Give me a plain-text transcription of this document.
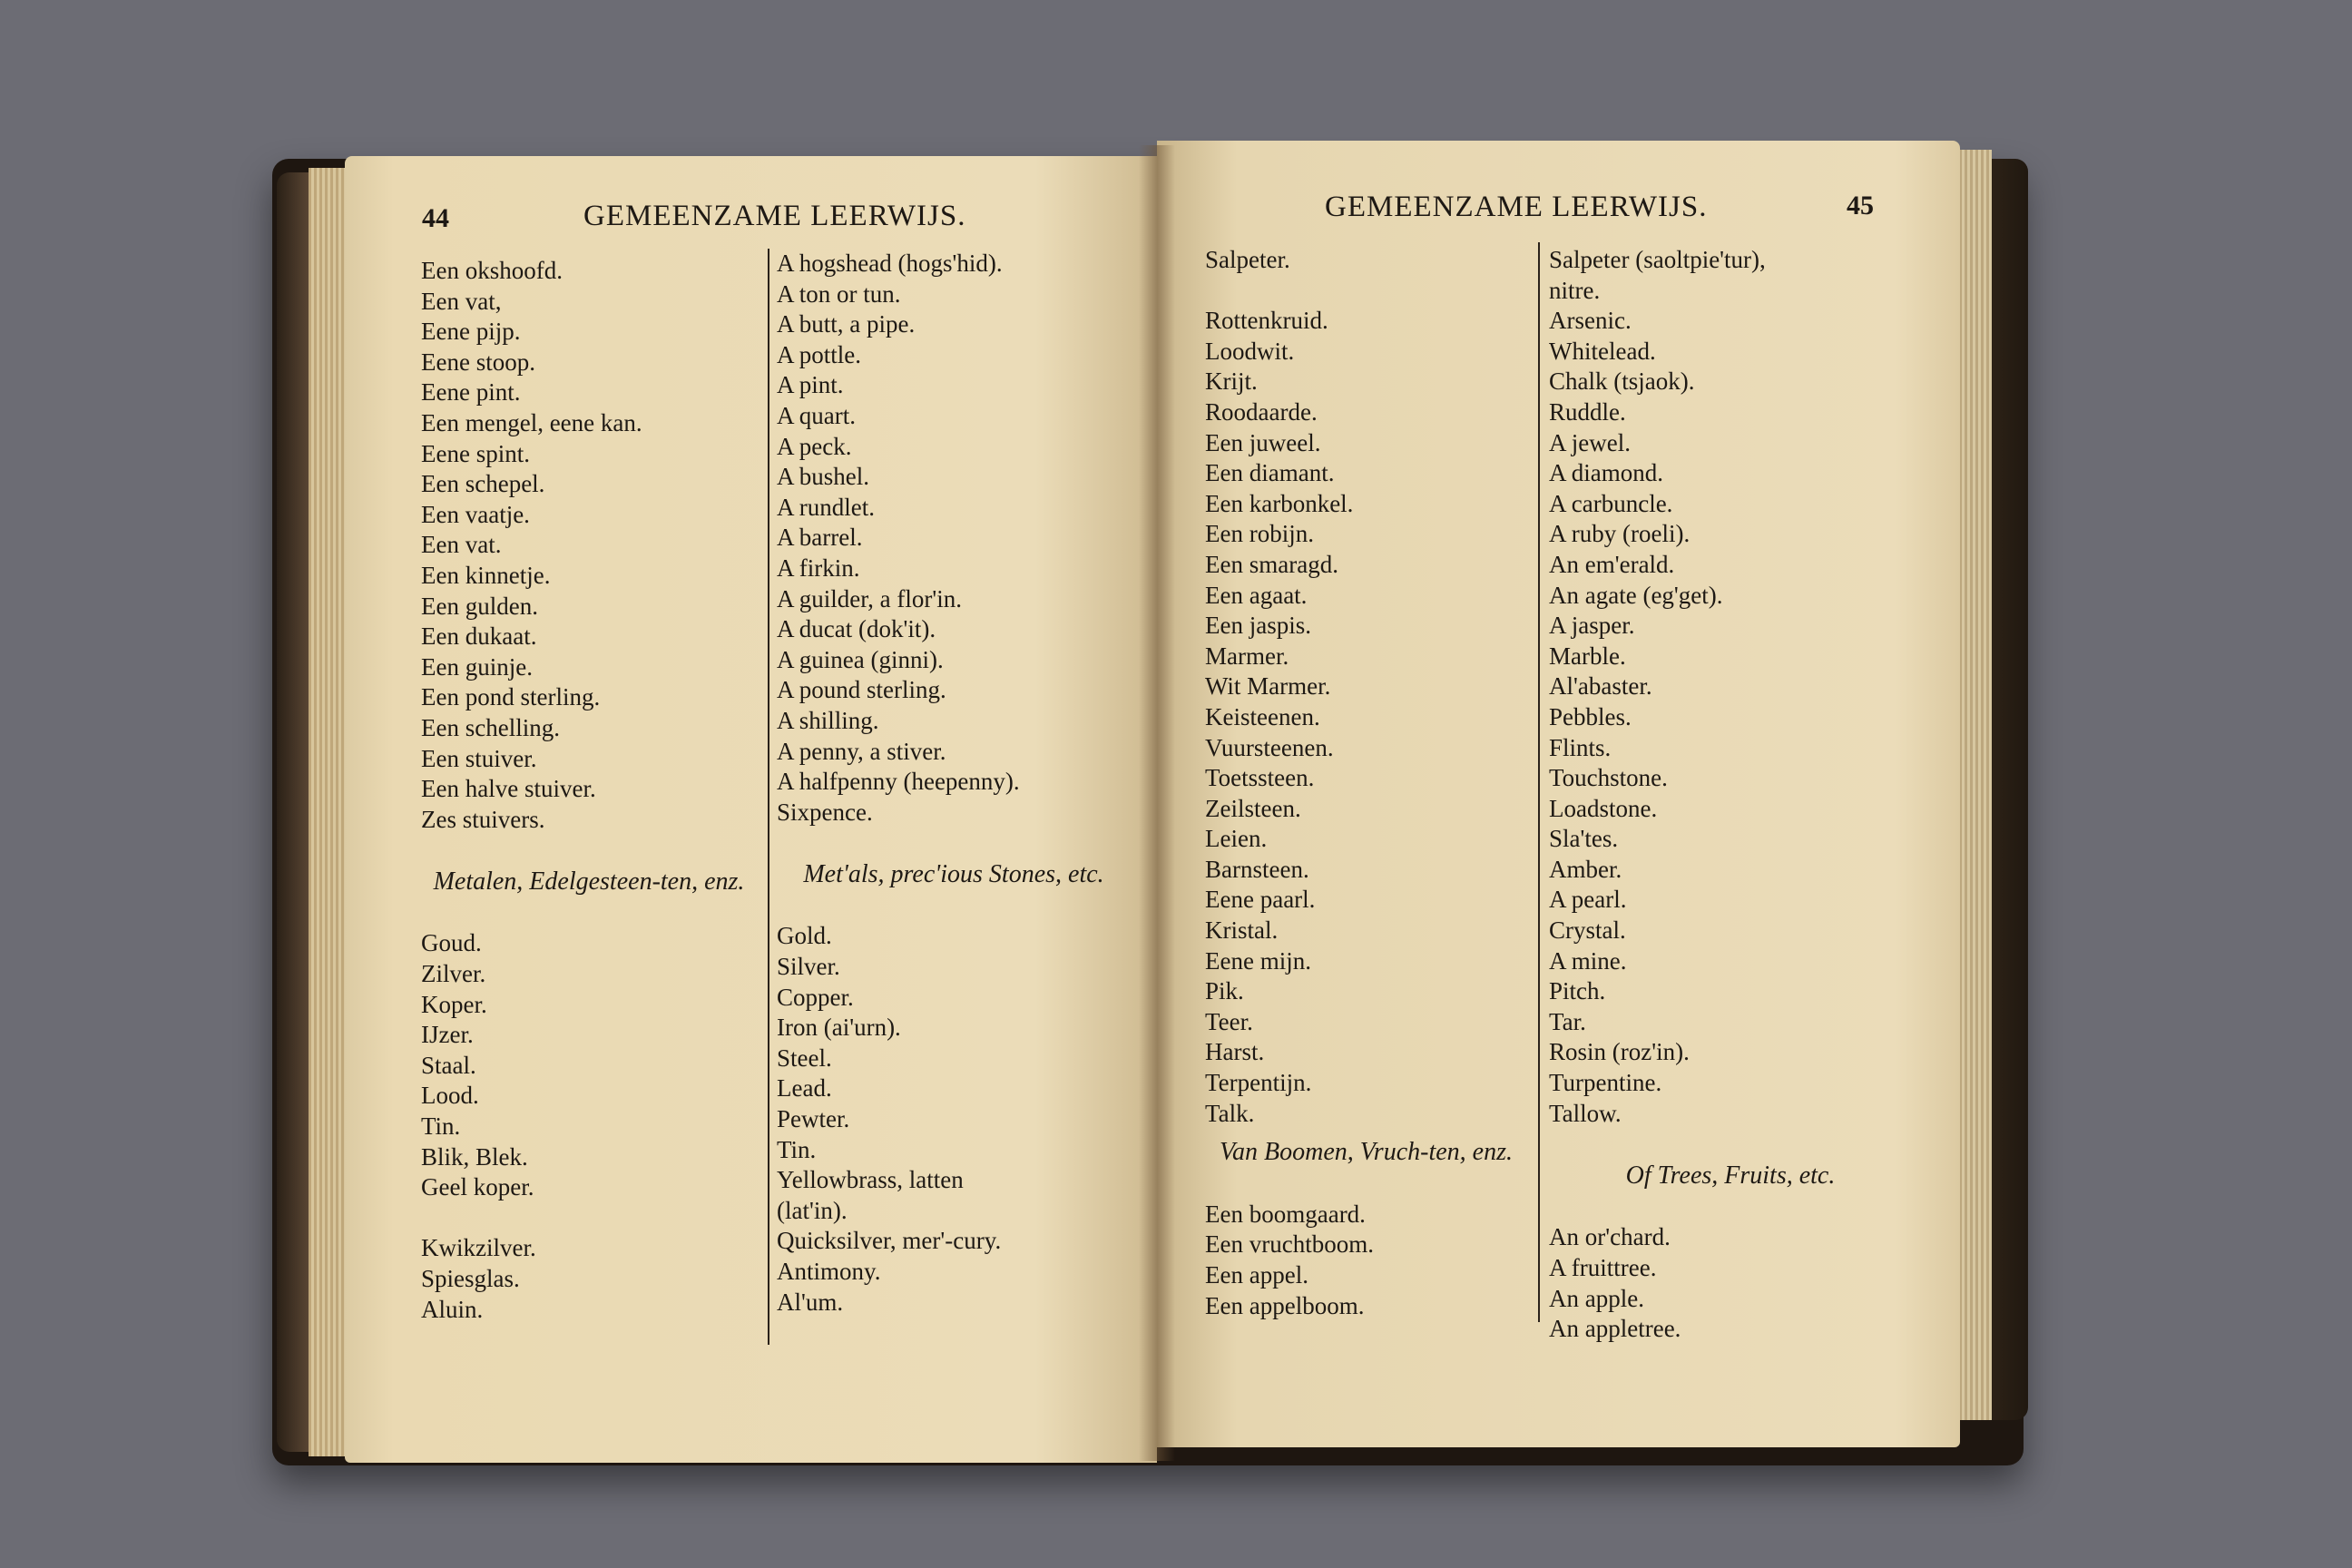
44	GEMEENZAME LEERWIJS.
Een okshoofd.
Een vat,
Eene pijp.
Eene stoop.
Eene pint.
Een mengel, eene kan.
Eene spint.
Een schepel.
Een vaatje.
Een vat.
Een kinnetje.
Een gulden.
Een dukaat.
Een guinje.
Een pond sterling.
Een schelling.
Een stuiver.
Een halve stuiver.
Zes stuivers.
Metalen, Edelgesteen-ten, enz.
Goud.
Zilver.
Koper.
IJzer.
Staal.
Lood.
Tin.
Blik, Blek.
Geel koper.
Kwikzilver.
Spiesglas.
Aluin.
A hogshead (hogs'hid).
A ton or tun.
A butt, a pipe.
A pottle.
A pint.
A quart.
A peck.
A bushel.
A rundlet.
A barrel.
A firkin.
A guilder, a flor'in.
A ducat (dok'it).
A guinea (ginni).
A pound sterling.
A shilling.
A penny, a stiver.
A halfpenny (heepenny).
Sixpence.
Met'als, prec'ious Stones, etc.
Gold.
Silver.
Copper.
Iron (ai'urn).
Steel.
Lead.
Pewter.
Tin.
Yellowbrass, latten
(lat'in).
Quicksilver, mer'-cury.
Antimony.
Al'um.
GEMEENZAME LEERWIJS.	45
Salpeter.
Rottenkruid.
Loodwit.
Krijt.
Roodaarde.
Een juweel.
Een diamant.
Een karbonkel.
Een robijn.
Een smaragd.
Een agaat.
Een jaspis.
Marmer.
Wit Marmer.
Keisteenen.
Vuursteenen.
Toetssteen.
Zeilsteen.
Leien.
Barnsteen.
Eene paarl.
Kristal.
Eene mijn.
Pik.
Teer.
Harst.
Terpentijn.
Talk.
Van Boomen, Vruch-ten, enz.
Een boomgaard.
Een vruchtboom.
Een appel.
Een appelboom.
Salpeter (saoltpie'tur),
nitre.
Arsenic.
Whitelead.
Chalk (tsjaok).
Ruddle.
A jewel.
A diamond.
A carbuncle.
A ruby (roeli).
An em'erald.
An agate (eg'get).
A jasper.
Marble.
Al'abaster.
Pebbles.
Flints.
Touchstone.
Loadstone.
Sla'tes.
Amber.
A pearl.
Crystal.
A mine.
Pitch.
Tar.
Rosin (roz'in).
Turpentine.
Tallow.
Of Trees, Fruits, etc.
An or'chard.
A fruittree.
An apple.
An appletree.
